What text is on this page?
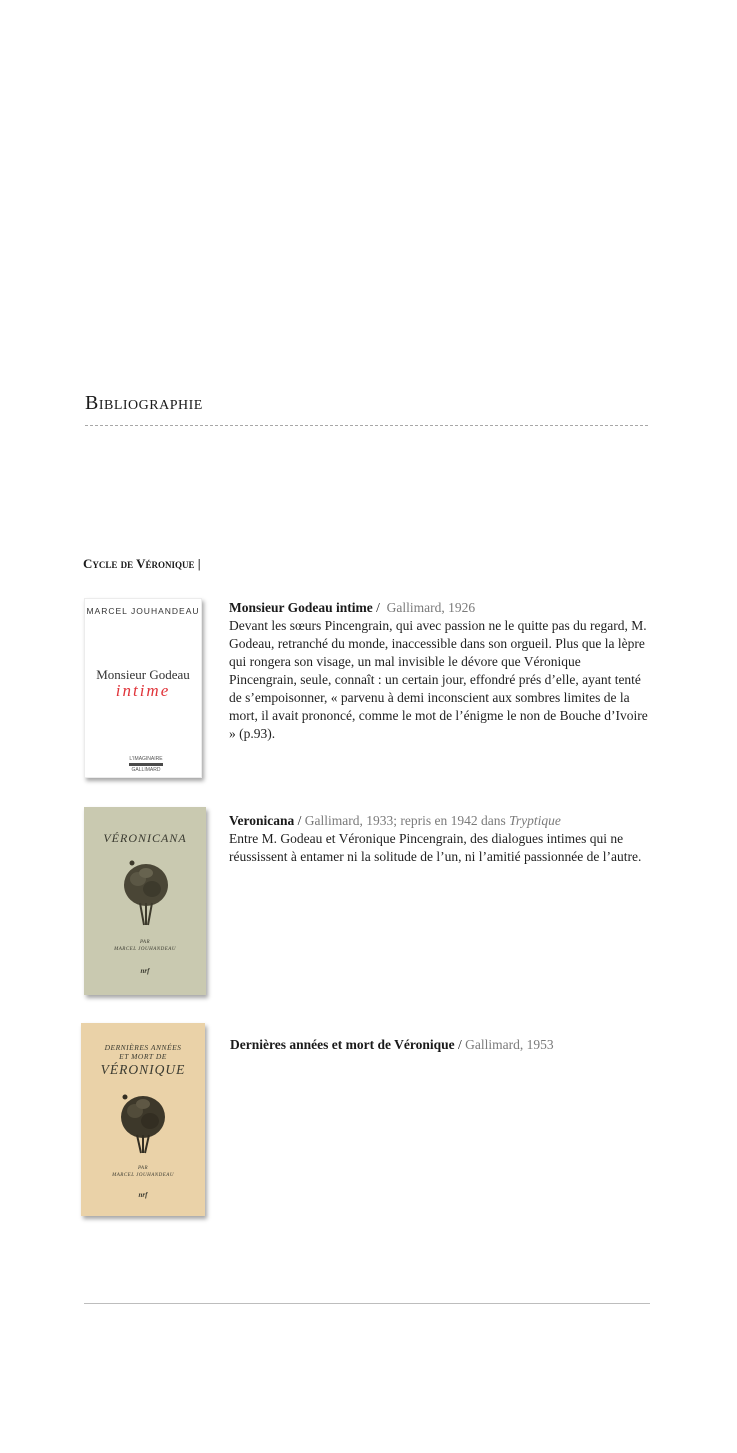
Bibliographie
Cycle de Véronique |
MARCEL JOUHANDEAU
Monsieur Godeau
intime
L'IMAGINAIRE
GALLIMARD
Monsieur Godeau intime / Gallimard, 1926
Devant les sœurs Pincengrain, qui avec passion ne le quitte pas du regard, M. Godeau, retranché du monde, inaccessible dans son orgueil. Plus que la lèpre qui rongera son visage, un mal invisible le dévore que Véronique Pincengrain, seule, connaît : un certain jour, effondré prés d’elle, ayant tenté de s’empoisonner, « parvenu à demi inconscient aux sombres limites de la mort, il avait prononcé, comme le mot de l’énigme le non de Bouche d’Ivoire » (p.93).
VÉRONICANA
PAR
MARCEL JOUHANDEAU
nrf
Veronicana / Gallimard, 1933; repris en 1942 dans Tryptique
Entre M. Godeau et Véronique Pincengrain, des dialogues intimes qui ne réussissent à entamer ni la solitude de l’un, ni l’amitié passionnée de l’autre.
DERNIÈRES ANNÉES
ET MORT DE
VÉRONIQUE
PAR
MARCEL JOUHANDEAU
nrf
Dernières années et mort de Véronique / Gallimard, 1953
